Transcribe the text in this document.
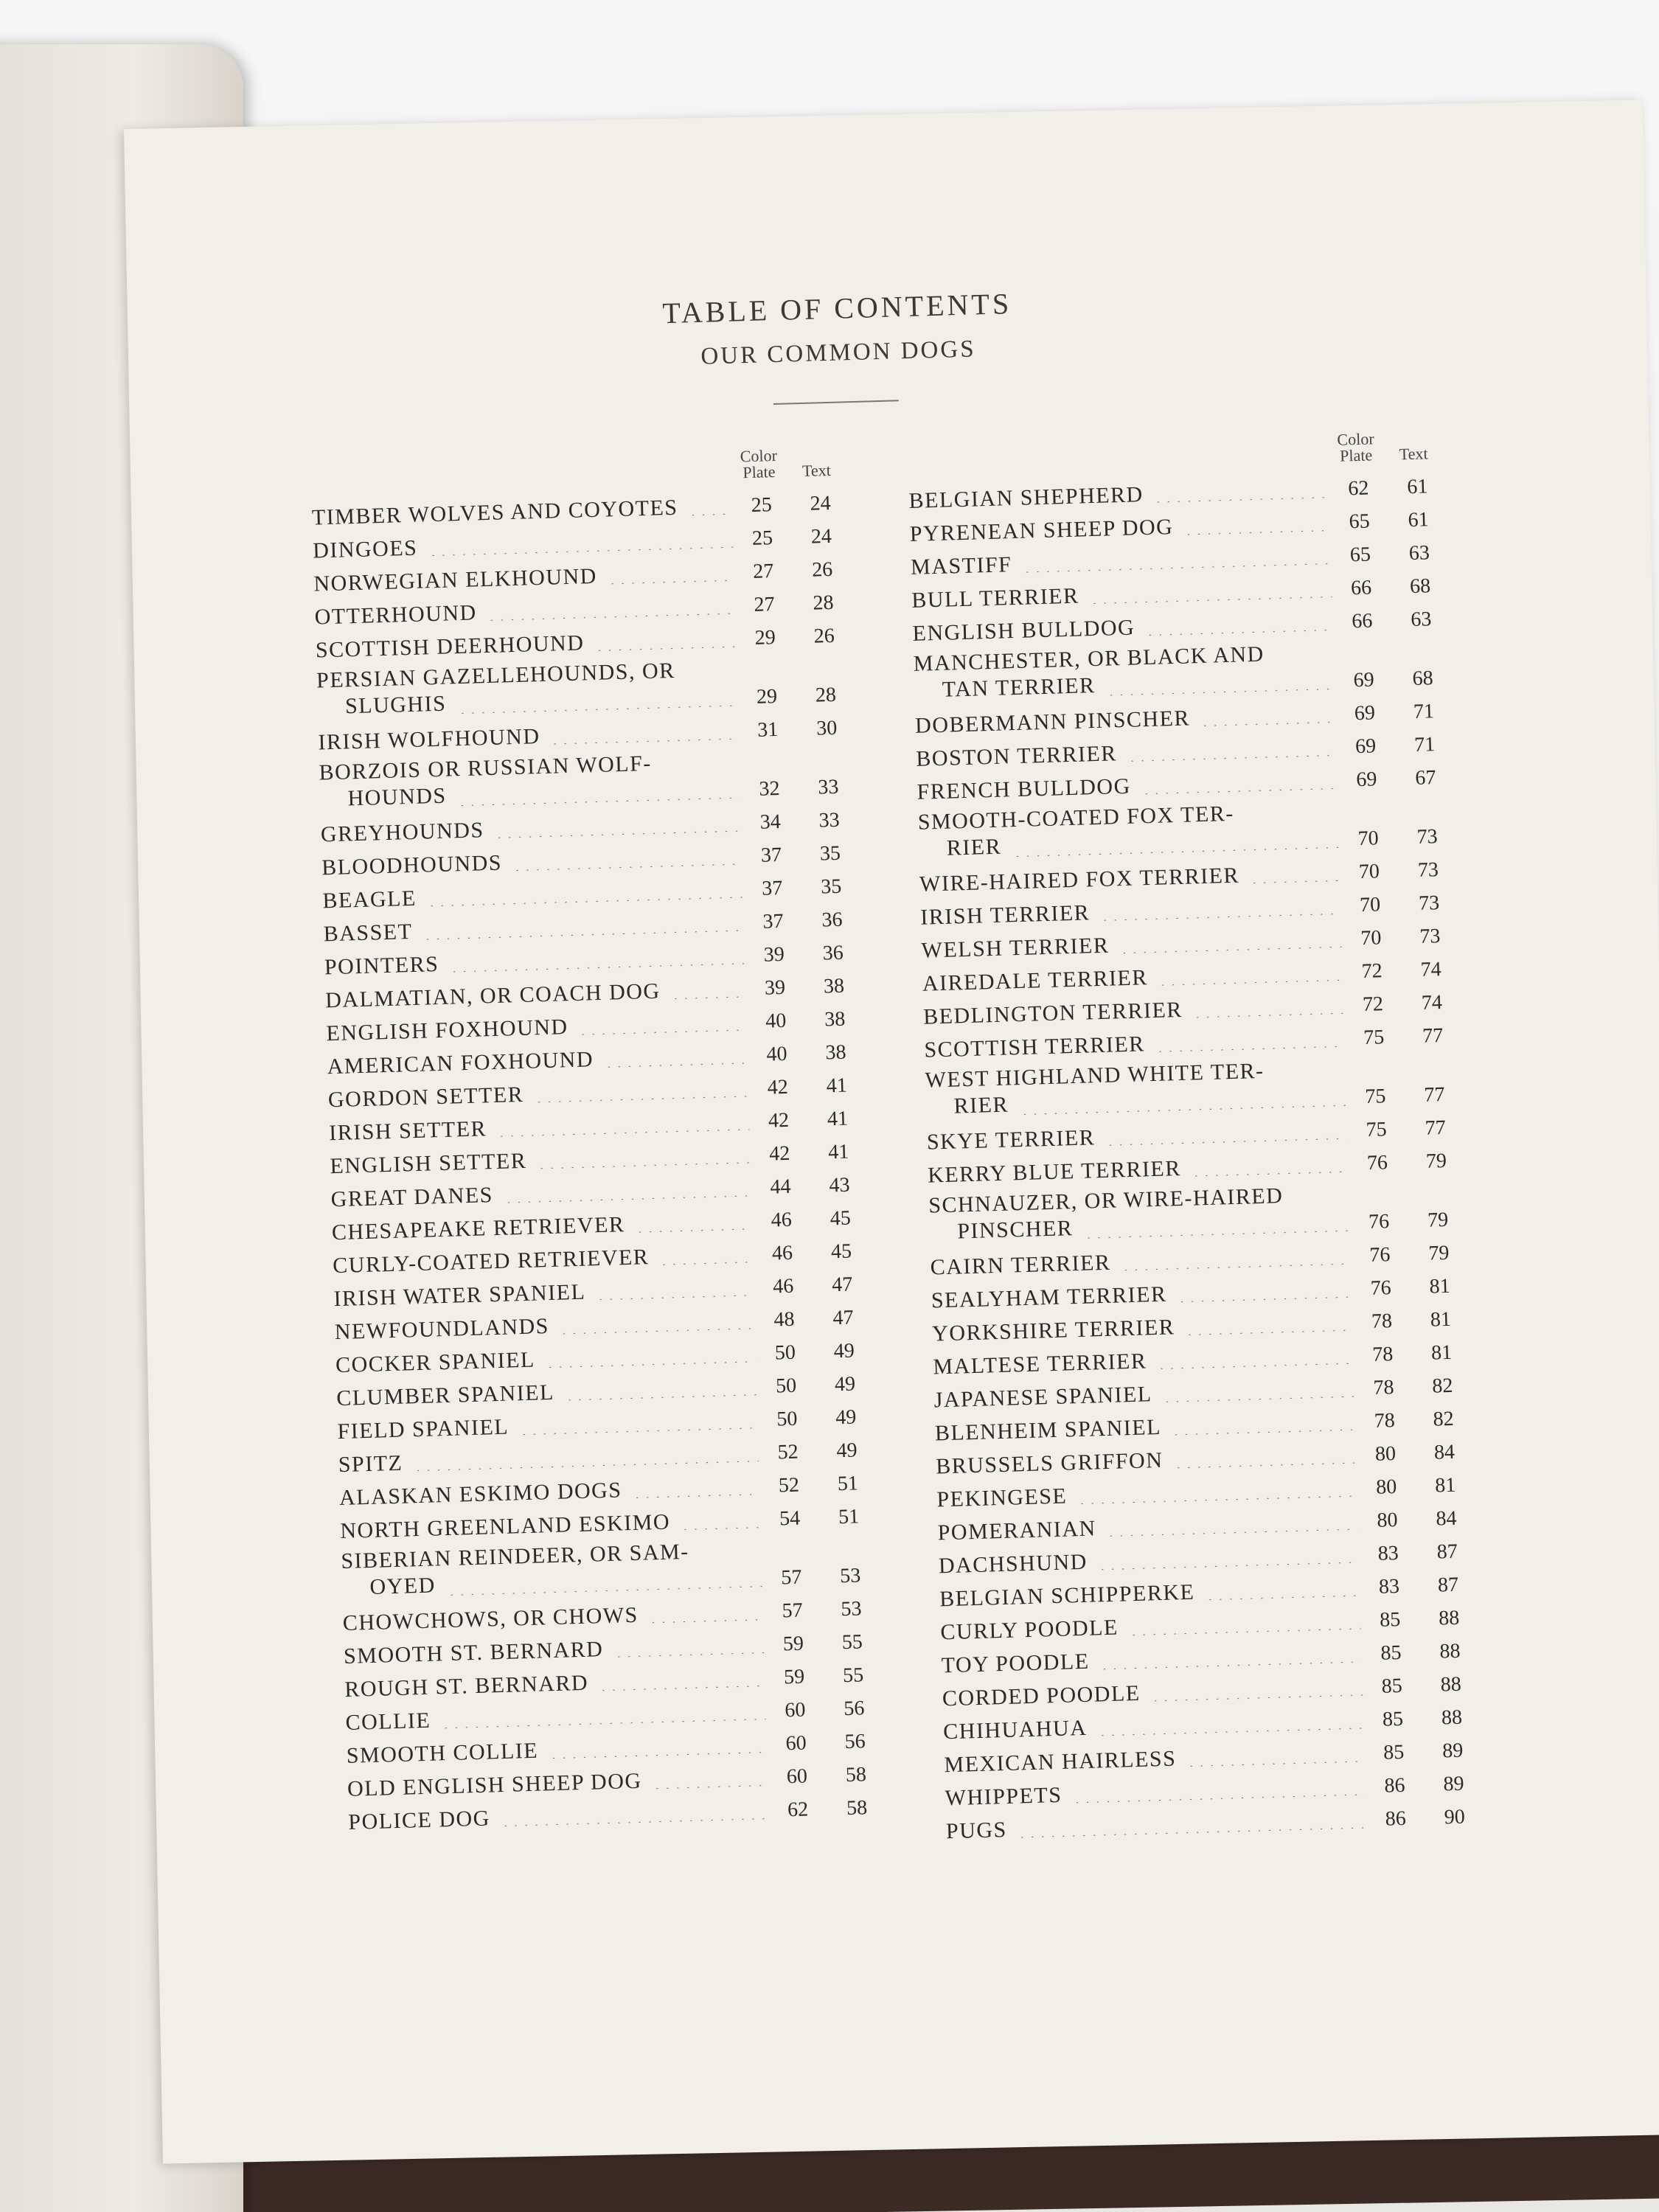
TABLE OF CONTENTS
OUR COMMON DOGS
Color Plate	Text
TIMBER WOLVES AND COYOTES	25	24
DINGOES	25	24
NORWEGIAN ELKHOUND	27	26
OTTERHOUND	27	28
SCOTTISH DEERHOUND	29	26
PERSIAN GAZELLEHOUNDS, OR
SLUGHIS	29	28
IRISH WOLFHOUND	31	30
BORZOIS OR RUSSIAN WOLF-
HOUNDS	32	33
GREYHOUNDS	34	33
BLOODHOUNDS	37	35
BEAGLE	37	35
BASSET	37	36
POINTERS	39	36
DALMATIAN, OR COACH DOG	39	38
ENGLISH FOXHOUND	40	38
AMERICAN FOXHOUND	40	38
GORDON SETTER	42	41
IRISH SETTER	42	41
ENGLISH SETTER	42	41
GREAT DANES	44	43
CHESAPEAKE RETRIEVER	46	45
CURLY-COATED RETRIEVER	46	45
IRISH WATER SPANIEL	46	47
NEWFOUNDLANDS	48	47
COCKER SPANIEL	50	49
CLUMBER SPANIEL	50	49
FIELD SPANIEL	50	49
SPITZ	52	49
ALASKAN ESKIMO DOGS	52	51
NORTH GREENLAND ESKIMO	54	51
SIBERIAN REINDEER, OR SAM-
OYED	57	53
CHOWCHOWS, OR CHOWS	57	53
SMOOTH ST. BERNARD	59	55
ROUGH ST. BERNARD	59	55
COLLIE	60	56
SMOOTH COLLIE	60	56
OLD ENGLISH SHEEP DOG	60	58
POLICE DOG	62	58
Color Plate	Text
BELGIAN SHEPHERD	62	61
PYRENEAN SHEEP DOG	65	61
MASTIFF	65	63
BULL TERRIER	66	68
ENGLISH BULLDOG	66	63
MANCHESTER, OR BLACK AND
TAN TERRIER	69	68
DOBERMANN PINSCHER	69	71
BOSTON TERRIER	69	71
FRENCH BULLDOG	69	67
SMOOTH-COATED FOX TER-
RIER	70	73
WIRE-HAIRED FOX TERRIER	70	73
IRISH TERRIER	70	73
WELSH TERRIER	70	73
AIREDALE TERRIER	72	74
BEDLINGTON TERRIER	72	74
SCOTTISH TERRIER	75	77
WEST HIGHLAND WHITE TER-
RIER	75	77
SKYE TERRIER	75	77
KERRY BLUE TERRIER	76	79
SCHNAUZER, OR WIRE-HAIRED
PINSCHER	76	79
CAIRN TERRIER	76	79
SEALYHAM TERRIER	76	81
YORKSHIRE TERRIER	78	81
MALTESE TERRIER	78	81
JAPANESE SPANIEL	78	82
BLENHEIM SPANIEL	78	82
BRUSSELS GRIFFON	80	84
PEKINGESE	80	81
POMERANIAN	80	84
DACHSHUND	83	87
BELGIAN SCHIPPERKE	83	87
CURLY POODLE	85	88
TOY POODLE	85	88
CORDED POODLE	85	88
CHIHUAHUA	85	88
MEXICAN HAIRLESS	85	89
WHIPPETS	86	89
PUGS	86	90
